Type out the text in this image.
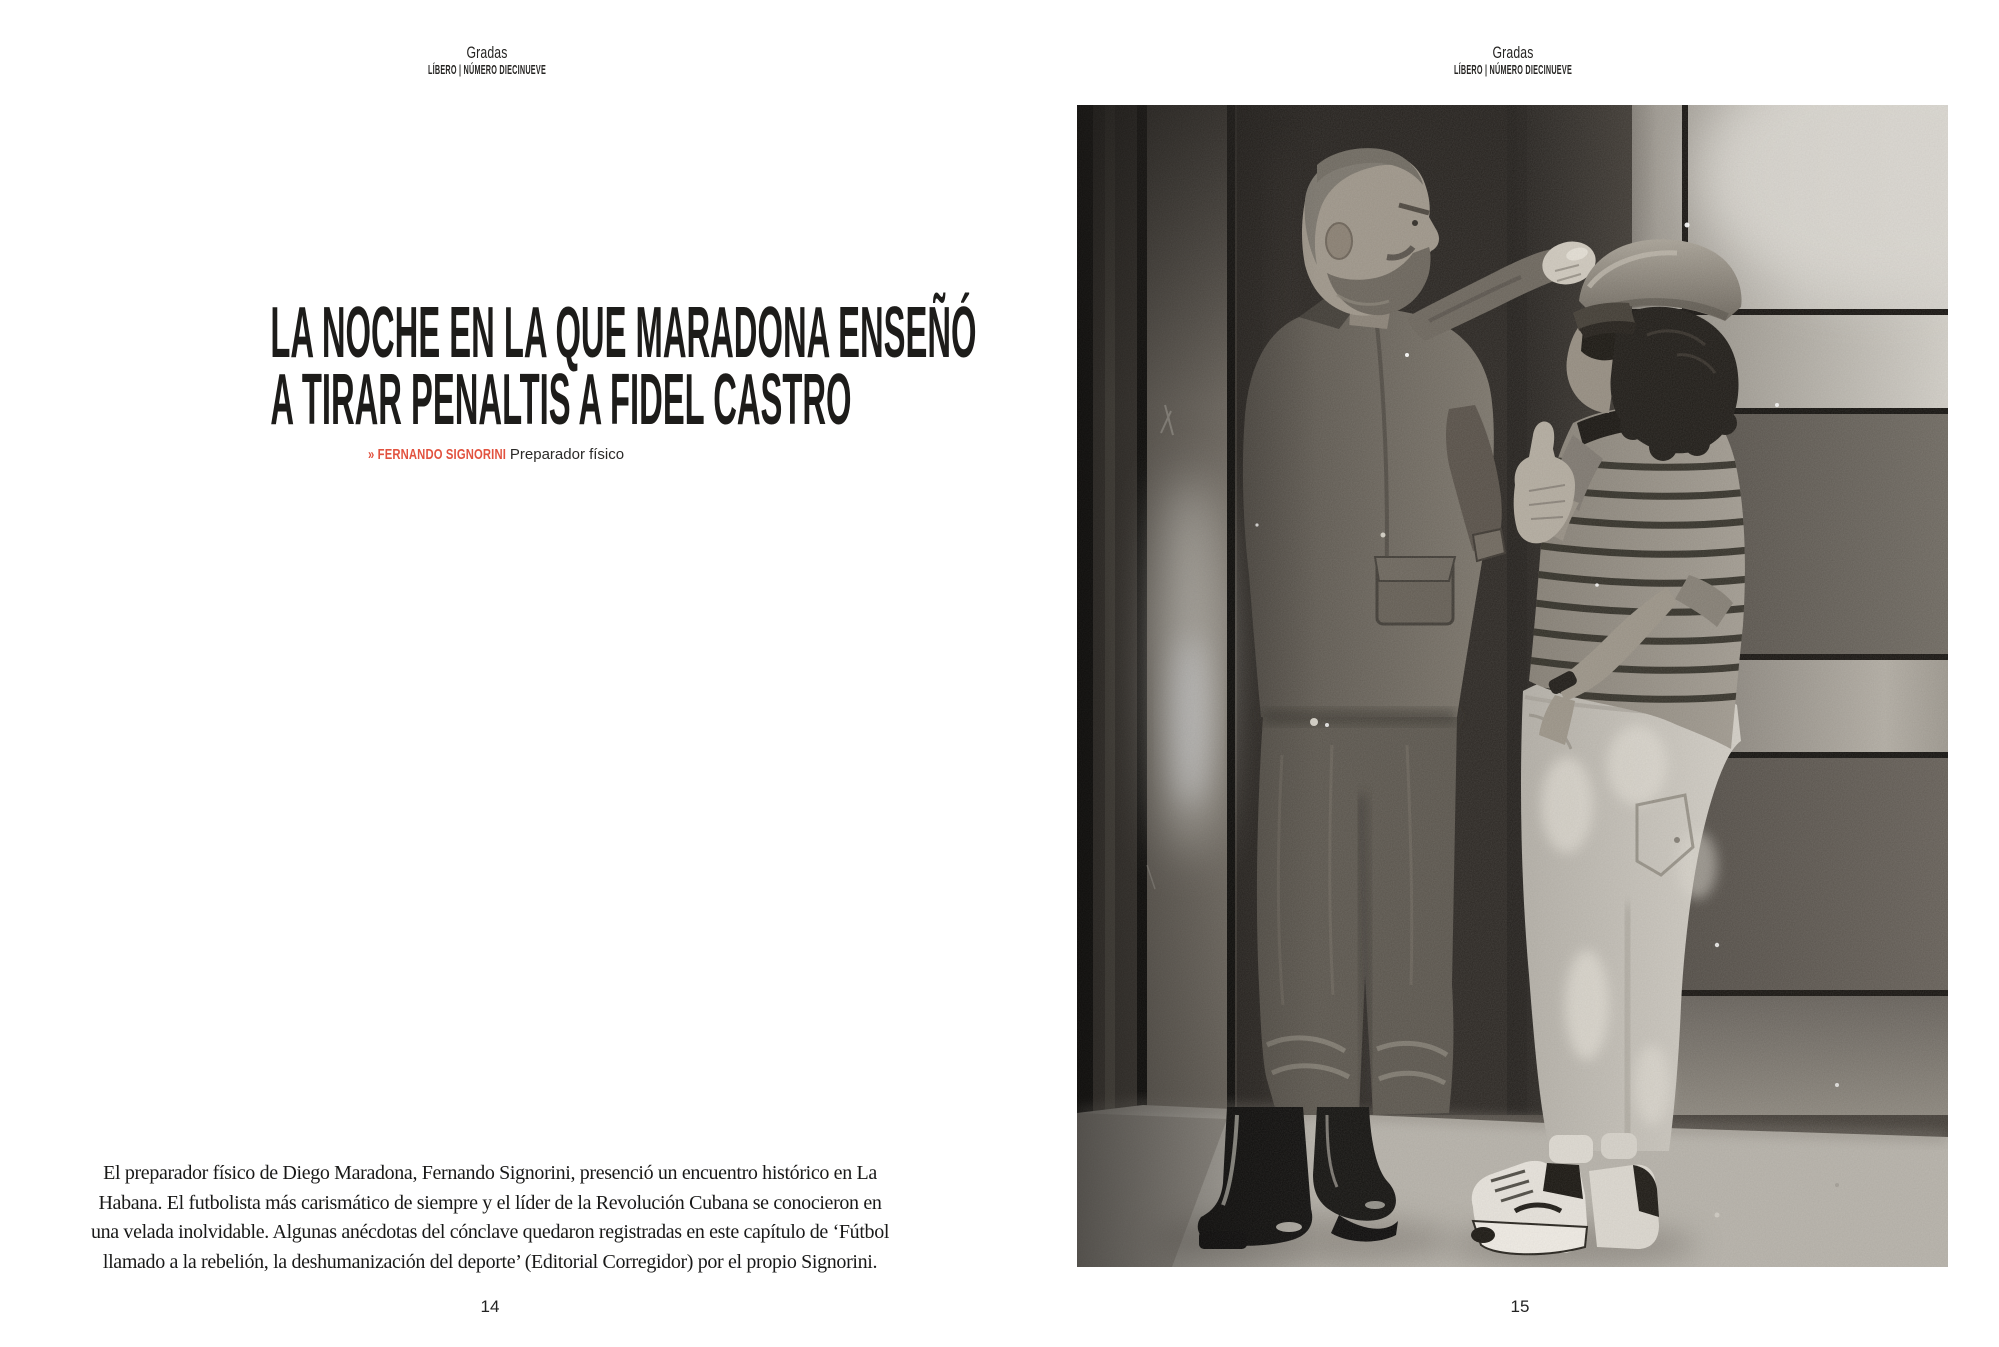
Gradas
LÍBERO | NÚMERO DIECINUEVE
LA NOCHE EN LA QUE MARADONA ENSEÑÓ
A TIRAR PENALTIS A FIDEL CASTRO
» FERNANDO SIGNORINI Preparador físico
El preparador físico de Diego Maradona, Fernando Signorini, presenció un encuentro histórico en La
Habana. El futbolista más carismático de siempre y el líder de la Revolución Cubana se conocieron en
una velada inolvidable. Algunas anécdotas del cónclave quedaron registradas en este capítulo de ‘Fútbol
llamado a la rebelión, la deshumanización del deporte’ (Editorial Corregidor) por el propio Signorini.
14
Gradas
LÍBERO | NÚMERO DIECINUEVE
15
